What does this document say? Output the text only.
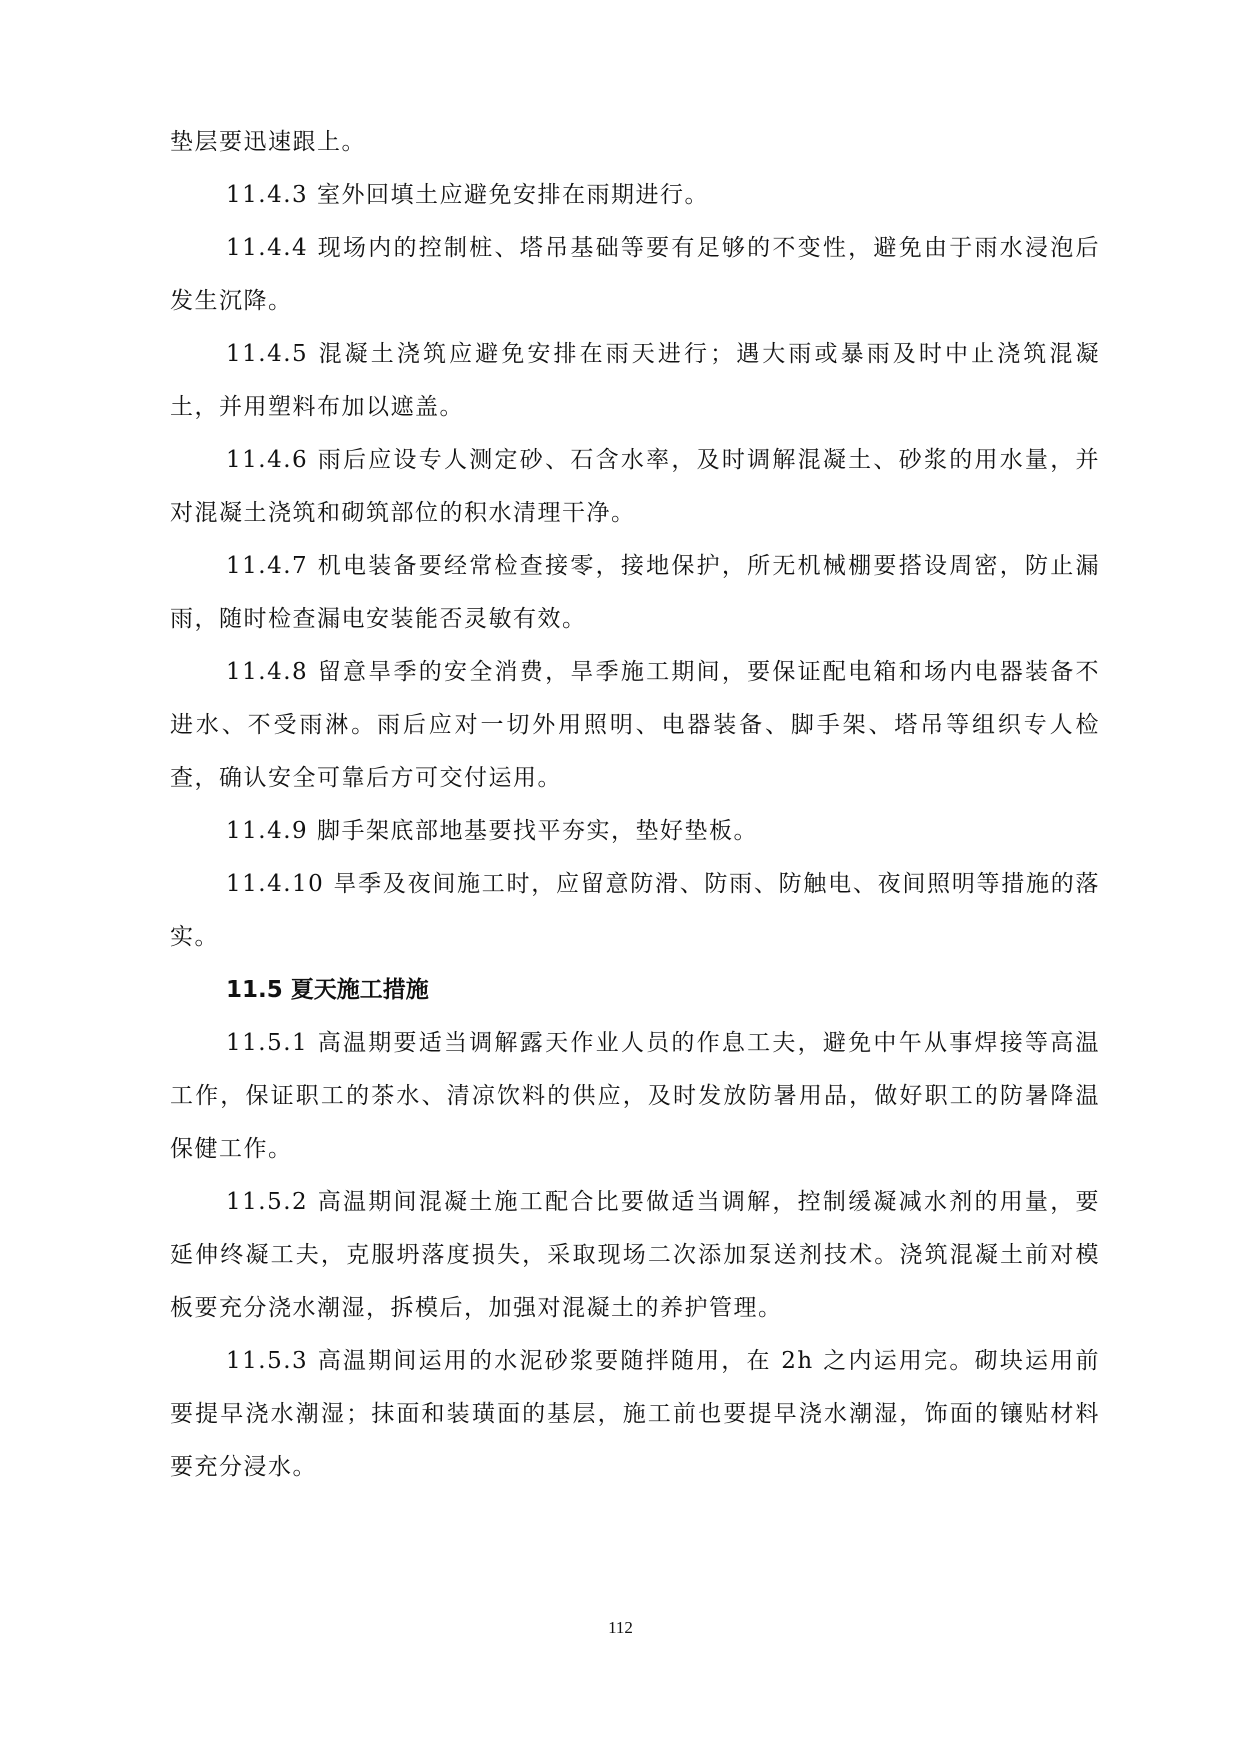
垫层要迅速跟上。

11.4.3 室外回填土应避免安排在雨期进行。

11.4.4 现场内的控制桩、塔吊基础等要有足够的不变性，避免由于雨水浸泡后发生沉降。

11.4.5 混凝土浇筑应避免安排在雨天进行；遇大雨或暴雨及时中止浇筑混凝土，并用塑料布加以遮盖。

11.4.6 雨后应设专人测定砂、石含水率，及时调解混凝土、砂浆的用水量，并对混凝土浇筑和砌筑部位的积水清理干净。

11.4.7 机电装备要经常检查接零，接地保护，所无机械棚要搭设周密，防止漏雨，随时检查漏电安装能否灵敏有效。

11.4.8 留意旱季的安全消费，旱季施工期间，要保证配电箱和场内电器装备不进水、不受雨淋。雨后应对一切外用照明、电器装备、脚手架、塔吊等组织专人检查，确认安全可靠后方可交付运用。

11.4.9 脚手架底部地基要找平夯实，垫好垫板。

11.4.10 旱季及夜间施工时，应留意防滑、防雨、防触电、夜间照明等措施的落实。

11.5 夏天施工措施

11.5.1 高温期要适当调解露天作业人员的作息工夫，避免中午从事焊接等高温工作，保证职工的茶水、清凉饮料的供应，及时发放防暑用品，做好职工的防暑降温保健工作。

11.5.2 高温期间混凝土施工配合比要做适当调解，控制缓凝减水剂的用量，要延伸终凝工夫，克服坍落度损失，采取现场二次添加泵送剂技术。浇筑混凝土前对模板要充分浇水潮湿，拆模后，加强对混凝土的养护管理。

11.5.3 高温期间运用的水泥砂浆要随拌随用，在 2h 之内运用完。砌块运用前要提早浇水潮湿；抹面和装璜面的基层，施工前也要提早浇水潮湿，饰面的镶贴材料要充分浸水。

112
